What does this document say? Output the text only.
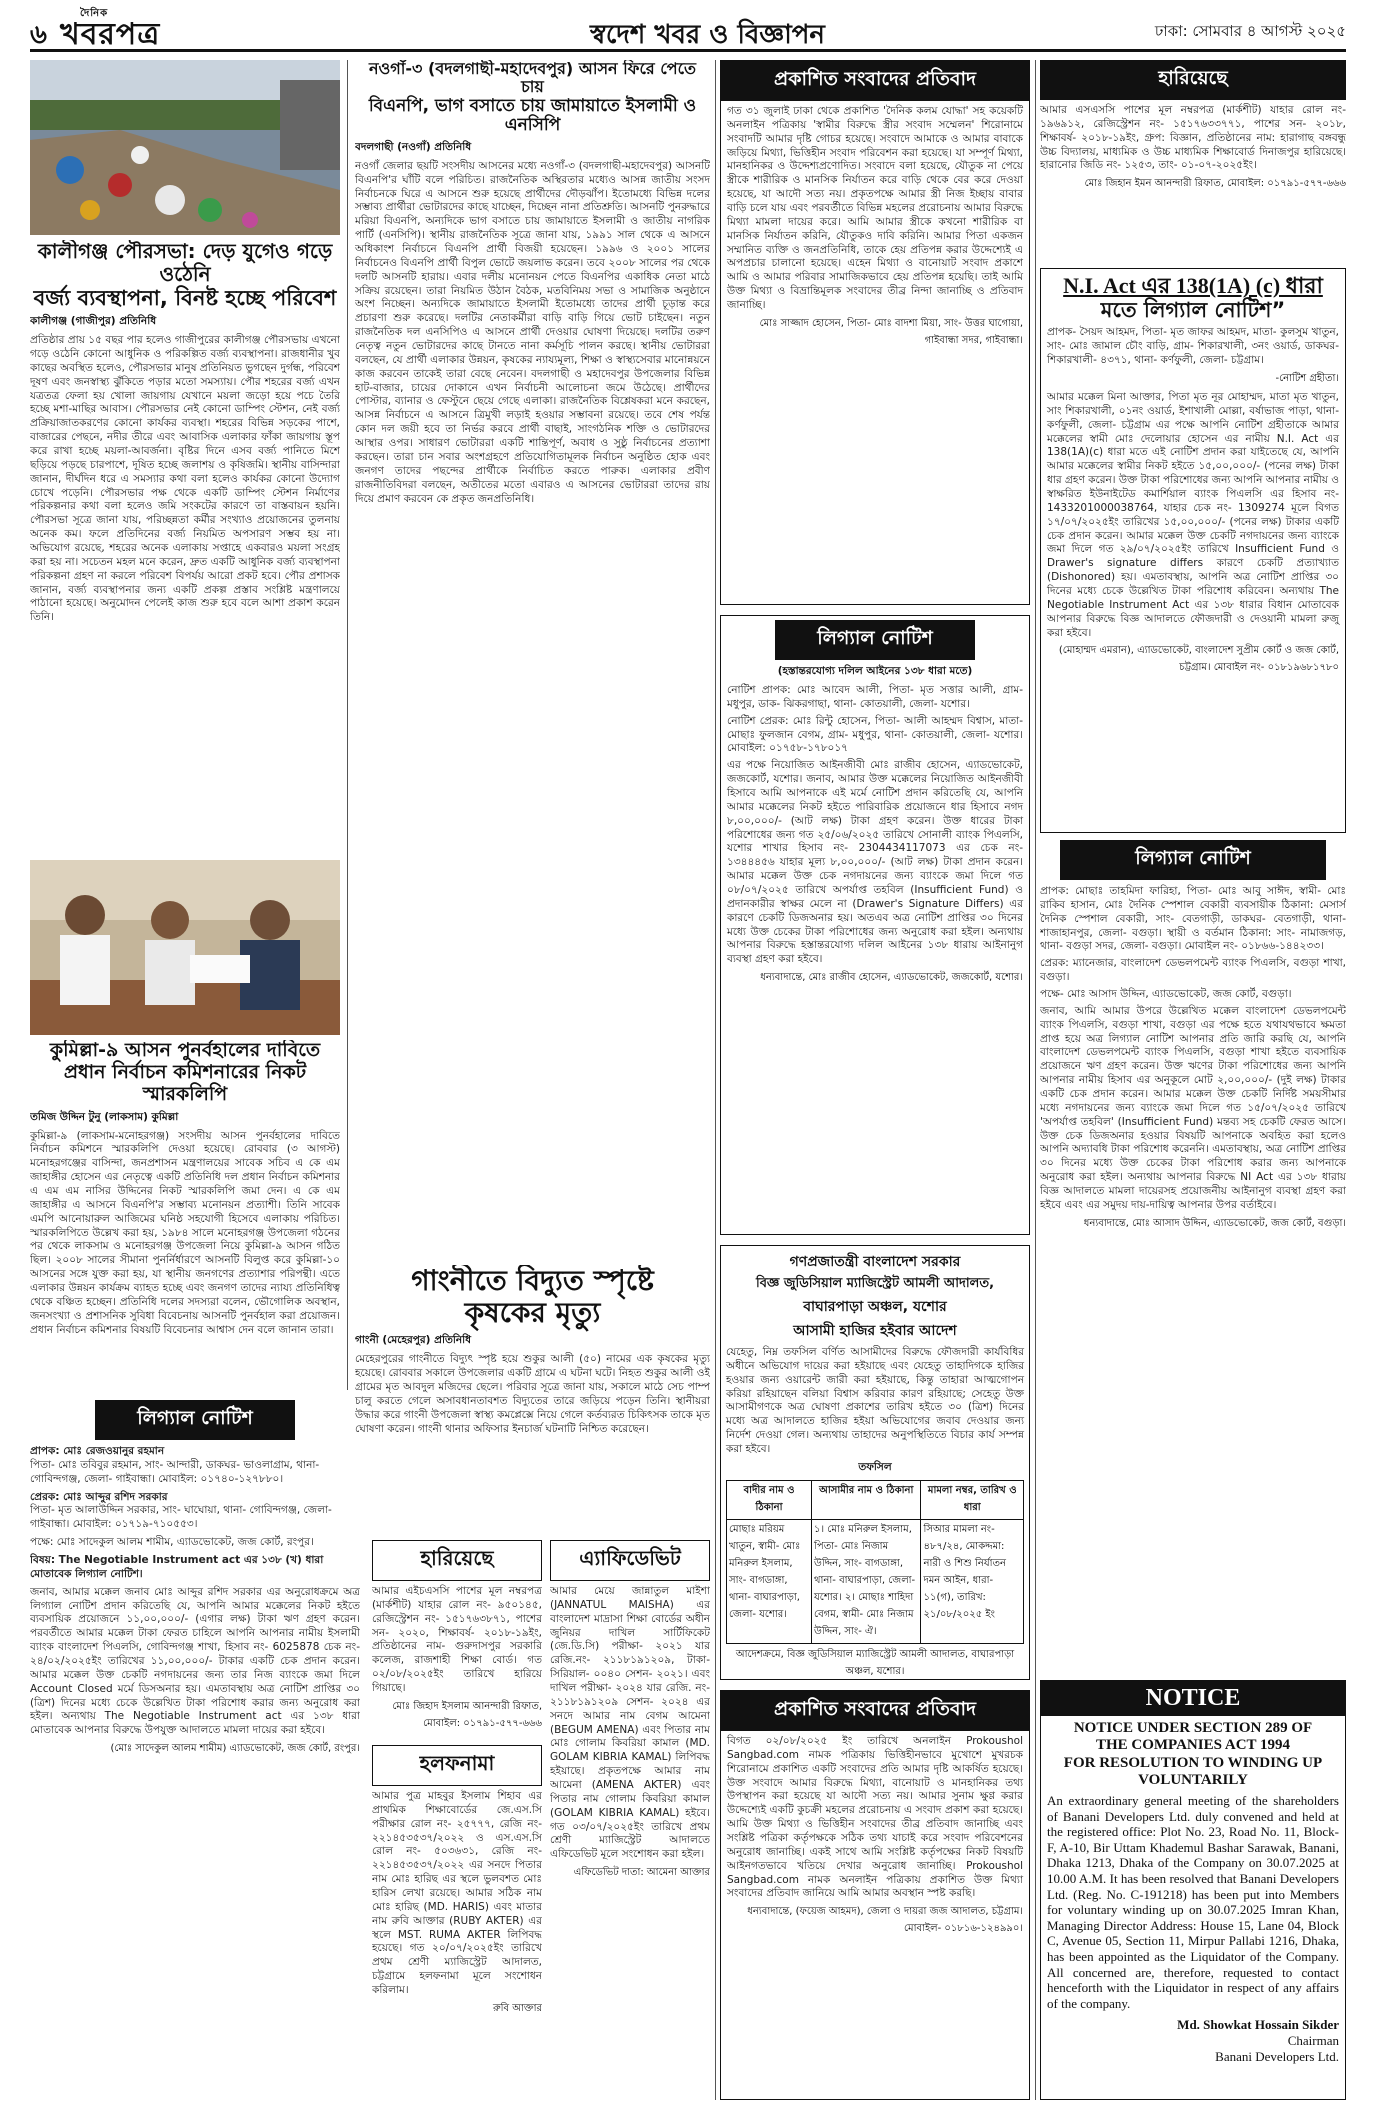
৬
দৈনিক
খবরপত্র	স্বদেশ খবর ও বিজ্ঞাপন	ঢাকা: সোমবার ৪ আগস্ট ২০২৫
কালীগঞ্জ পৌরসভা: দেড় যুগেও গড়ে ওঠেনি
বর্জ্য ব্যবস্থাপনা, বিনষ্ট হচ্ছে পরিবেশ
কালীগঞ্জ (গাজীপুর) প্রতিনিধি
প্রতিষ্ঠার প্রায় ১৫ বছর পার হলেও গাজীপুরের কালীগঞ্জ পৌরসভায় এখনো গড়ে ওঠেনি কোনো আধুনিক ও পরিকল্পিত বর্জ্য ব্যবস্থাপনা। রাজধানীর খুব কাছের অবস্থিত হলেও, পৌরসভার মানুষ প্রতিনিয়ত ভুগছেন দুর্গন্ধ, পরিবেশ দূষণ এবং জনস্বাস্থ্য ঝুঁকিতে পড়ার মতো সমস্যায়। পৌর শহরের বর্জ্য এখন যত্রতত্র ফেলা হয় খোলা জায়গায় যেখানে ময়লা জড়ো হয়ে পচে তৈরি হচ্ছে মশা-মাছির আবাস। পৌরসভার নেই কোনো ডাম্পিং স্টেশন, নেই বর্জ্য প্রক্রিয়াজাতকরণের কোনো কার্যকর ব্যবস্থা। শহরের বিভিন্ন সড়কের পাশে, বাজারের পেছনে, নদীর তীরে এবং আবাসিক এলাকার ফাঁকা জায়গায় স্তূপ করে রাখা হচ্ছে ময়লা-আবর্জনা। বৃষ্টির দিনে এসব বর্জ্য পানিতে মিশে ছড়িয়ে পড়ছে চারপাশে, দূষিত হচ্ছে জলাশয় ও কৃষিজমি। স্থানীয় বাসিন্দারা জানান, দীর্ঘদিন ধরে এ সমস্যার কথা বলা হলেও কার্যকর কোনো উদ্যোগ চোখে পড়েনি। পৌরসভার পক্ষ থেকে একটি ডাম্পিং স্টেশন নির্মাণের পরিকল্পনার কথা বলা হলেও জমি সংকটের কারণে তা বাস্তবায়ন হয়নি। পৌরসভা সূত্রে জানা যায়, পরিচ্ছন্নতা কর্মীর সংখ্যাও প্রয়োজনের তুলনায় অনেক কম। ফলে প্রতিদিনের বর্জ্য নিয়মিত অপসারণ সম্ভব হয় না। অভিযোগ রয়েছে, শহরের অনেক এলাকায় সপ্তাহে একবারও ময়লা সংগ্রহ করা হয় না। সচেতন মহল মনে করেন, দ্রুত একটি আধুনিক বর্জ্য ব্যবস্থাপনা পরিকল্পনা গ্রহণ না করলে পরিবেশ বিপর্যয় আরো প্রকট হবে। পৌর প্রশাসক জানান, বর্জ্য ব্যবস্থাপনার জন্য একটি প্রকল্প প্রস্তাব সংশ্লিষ্ট মন্ত্রণালয়ে পাঠানো হয়েছে। অনুমোদন পেলেই কাজ শুরু হবে বলে আশা প্রকাশ করেন তিনি।
কুমিল্লা-৯ আসন পুনর্বহালের দাবিতে প্রধান নির্বাচন কমিশনারের নিকট স্মারকলিপি
তমিজ উদ্দিন টুনু (লাকসাম) কুমিল্লা
কুমিল্লা-৯ (লাকসাম-মনোহরগঞ্জ) সংসদীয় আসন পুনর্বহালের দাবিতে নির্বাচন কমিশনে স্মারকলিপি দেওয়া হয়েছে। রোববার (৩ আগস্ট) মনোহরগঞ্জের বাসিন্দা, জনপ্রশাসন মন্ত্রণালয়ের সাবেক সচিব এ কে এম জাহাঙ্গীর হোসেন এর নেতৃত্বে একটি প্রতিনিধি দল প্রধান নির্বাচন কমিশনার এ এম এম নাসির উদ্দিনের নিকট স্মারকলিপি জমা দেন। এ কে এম জাহাঙ্গীর এ আসনে বিএনপি'র সম্ভাব্য মনোনয়ন প্রত্যাশী। তিনি সাবেক এমপি আনোয়ারুল আজিমের ঘনিষ্ঠ সহযোগী হিসেবে এলাকায় পরিচিত। স্মারকলিপিতে উল্লেখ করা হয়, ১৯৮৪ সালে মনোহরগঞ্জ উপজেলা গঠনের পর থেকে লাকসাম ও মনোহরগঞ্জ উপজেলা নিয়ে কুমিল্লা-৯ আসন গঠিত ছিল। ২০০৮ সালের সীমানা পুনর্নির্ধারণে আসনটি বিলুপ্ত করে কুমিল্লা-১০ আসনের সঙ্গে যুক্ত করা হয়, যা স্থানীয় জনগণের প্রত্যাশার পরিপন্থী। এতে এলাকার উন্নয়ন কার্যক্রম ব্যাহত হচ্ছে এবং জনগণ তাদের ন্যায্য প্রতিনিধিত্ব থেকে বঞ্চিত হচ্ছেন। প্রতিনিধি দলের সদস্যরা বলেন, ভৌগোলিক অবস্থান, জনসংখ্যা ও প্রশাসনিক সুবিধা বিবেচনায় আসনটি পুনর্বহাল করা প্রয়োজন। প্রধান নির্বাচন কমিশনার বিষয়টি বিবেচনার আশ্বাস দেন বলে জানান তারা।
লিগ্যাল নোটিশ
প্রাপক: মোঃ রেজওয়ানুর রহমান
পিতা- মোঃ তবিবুর রহমান, সাং- আন্দারী, ডাকঘর- ভাওলাগ্রাম, থানা- গোবিন্দগঞ্জ, জেলা- গাইবান্ধা। মোবাইল: ০১৭৪০-১২৭৮৮০।
প্রেরক: মোঃ আব্দুর রশিদ সরকার
পিতা- মৃত আলাউদ্দিন সরকার, সাং- ঘাঘোয়া, থানা- গোবিন্দগঞ্জ, জেলা- গাইবান্ধা। মোবাইল: ০১৭১৯-৭১০৫৫৩।
পক্ষে: মোঃ সাদেকুল আলম শামীম, এ্যাডভোকেট, জজ কোর্ট, রংপুর।
বিষয়: The Negotiable Instrument act এর ১৩৮ (খ) ধারা মোতাবেক লিগ্যাল নোটিশ।
জনাব, আমার মক্কেল জনাব মোঃ আব্দুর রশিদ সরকার এর অনুরোধক্রমে অত্র লিগ্যাল নোটিশ প্রদান করিতেছি যে, আপনি আমার মক্কেলের নিকট হইতে ব্যবসায়িক প্রয়োজনে ১১,০০,০০০/- (এগার লক্ষ) টাকা ঋণ গ্রহণ করেন। পরবর্তীতে আমার মক্কেল টাকা ফেরত চাহিলে আপনি আপনার নামীয় ইসলামী ব্যাংক বাংলাদেশ পিএলসি, গোবিন্দগঞ্জ শাখা, হিসাব নং- 6025878 চেক নং- ২৪/০২/২০২৫ইং তারিখের ১১,০০,০০০/- টাকার একটি চেক প্রদান করেন। আমার মক্কেল উক্ত চেকটি নগদায়নের জন্য তার নিজ ব্যাংকে জমা দিলে Account Closed মর্মে ডিসঅনার হয়। এমতাবস্থায় অত্র নোটিশ প্রাপ্তির ৩০ (ত্রিশ) দিনের মধ্যে চেকে উল্লেখিত টাকা পরিশোধ করার জন্য অনুরোধ করা হইল। অন্যথায় The Negotiable Instrument act এর ১৩৮ ধারা মোতাবেক আপনার বিরুদ্ধে উপযুক্ত আদালতে মামলা দায়ের করা হইবে।
(মোঃ সাদেকুল আলম শামীম) এ্যাডভোকেট, জজ কোর্ট, রংপুর।
নওগাঁ-৩ (বদলগাছী-মহাদেবপুর) আসন ফিরে পেতে চায়
বিএনপি, ভাগ বসাতে চায় জামায়াতে ইসলামী ও এনসিপি
বদলগাছী (নওগাঁ) প্রতিনিধি
নওগাঁ জেলার ছয়টি সংসদীয় আসনের মধ্যে নওগাঁ-৩ (বদলগাছী-মহাদেবপুর) আসনটি বিএনপি'র ঘাঁটি বলে পরিচিত। রাজনৈতিক অস্থিরতার মধ্যেও আসন্ন জাতীয় সংসদ নির্বাচনকে ঘিরে এ আসনে শুরু হয়েছে প্রার্থীদের দৌড়ঝাঁপ। ইতোমধ্যে বিভিন্ন দলের সম্ভাব্য প্রার্থীরা ভোটারদের কাছে যাচ্ছেন, দিচ্ছেন নানা প্রতিশ্রুতি। আসনটি পুনরুদ্ধারে মরিয়া বিএনপি, অন্যদিকে ভাগ বসাতে চায় জামায়াতে ইসলামী ও জাতীয় নাগরিক পার্টি (এনসিপি)। স্থানীয় রাজনৈতিক সূত্রে জানা যায়, ১৯৯১ সাল থেকে এ আসনে অধিকাংশ নির্বাচনে বিএনপি প্রার্থী বিজয়ী হয়েছেন। ১৯৯৬ ও ২০০১ সালের নির্বাচনেও বিএনপি প্রার্থী বিপুল ভোটে জয়লাভ করেন। তবে ২০০৮ সালের পর থেকে দলটি আসনটি হারায়। এবার দলীয় মনোনয়ন পেতে বিএনপির একাধিক নেতা মাঠে সক্রিয় রয়েছেন। তারা নিয়মিত উঠান বৈঠক, মতবিনিময় সভা ও সামাজিক অনুষ্ঠানে অংশ নিচ্ছেন। অন্যদিকে জামায়াতে ইসলামী ইতোমধ্যে তাদের প্রার্থী চূড়ান্ত করে প্রচারণা শুরু করেছে। দলটির নেতাকর্মীরা বাড়ি বাড়ি গিয়ে ভোট চাইছেন। নতুন রাজনৈতিক দল এনসিপিও এ আসনে প্রার্থী দেওয়ার ঘোষণা দিয়েছে। দলটির তরুণ নেতৃত্ব নতুন ভোটারদের কাছে টানতে নানা কর্মসূচি পালন করছে। স্থানীয় ভোটাররা বলছেন, যে প্রার্থী এলাকার উন্নয়ন, কৃষকের ন্যায্যমূল্য, শিক্ষা ও স্বাস্থ্যসেবার মানোন্নয়নে কাজ করবেন তাকেই তারা বেছে নেবেন। বদলগাছী ও মহাদেবপুর উপজেলার বিভিন্ন হাট-বাজার, চায়ের দোকানে এখন নির্বাচনী আলোচনা জমে উঠেছে। প্রার্থীদের পোস্টার, ব্যানার ও ফেস্টুনে ছেয়ে গেছে এলাকা। রাজনৈতিক বিশ্লেষকরা মনে করছেন, আসন্ন নির্বাচনে এ আসনে ত্রিমুখী লড়াই হওয়ার সম্ভাবনা রয়েছে। তবে শেষ পর্যন্ত কোন দল জয়ী হবে তা নির্ভর করবে প্রার্থী বাছাই, সাংগঠনিক শক্তি ও ভোটারদের আস্থার ওপর। সাধারণ ভোটাররা একটি শান্তিপূর্ণ, অবাধ ও সুষ্ঠু নির্বাচনের প্রত্যাশা করছেন। তারা চান সবার অংশগ্রহণে প্রতিযোগিতামূলক নির্বাচন অনুষ্ঠিত হোক এবং জনগণ তাদের পছন্দের প্রার্থীকে নির্বাচিত করতে পারুক। এলাকার প্রবীণ রাজনীতিবিদরা বলছেন, অতীতের মতো এবারও এ আসনের ভোটাররা তাদের রায় দিয়ে প্রমাণ করবেন কে প্রকৃত জনপ্রতিনিধি।
গাংনীতে বিদ্যুত স্পৃষ্টে
কৃষকের মৃত্যু
গাংনী (মেহেরপুর) প্রতিনিধি
মেহেরপুরের গাংনীতে বিদ্যুৎ স্পৃষ্ট হয়ে শুকুর আলী (৫০) নামের এক কৃষকের মৃত্যু হয়েছে। রোববার সকালে উপজেলার একটি গ্রামে এ ঘটনা ঘটে। নিহত শুকুর আলী ওই গ্রামের মৃত আবদুল মজিদের ছেলে। পরিবার সূত্রে জানা যায়, সকালে মাঠে সেচ পাম্প চালু করতে গেলে অসাবধানতাবশত বিদ্যুতের তারে জড়িয়ে পড়েন তিনি। স্থানীয়রা উদ্ধার করে গাংনী উপজেলা স্বাস্থ্য কমপ্লেক্সে নিয়ে গেলে কর্তব্যরত চিকিৎসক তাকে মৃত ঘোষণা করেন। গাংনী থানার অফিসার ইনচার্জ ঘটনাটি নিশ্চিত করেছেন।
হারিয়েছে
আমার এইচএসসি পাশের মূল নম্বরপত্র (মার্কশীট) যাহার রোল নং- ৯৫০১৪৫, রেজিস্ট্রেশন নং- ১৫১৭৬৩৮৭১, পাশের সন- ২০২০, শিক্ষাবর্ষ- ২০১৮-১৯ইং, প্রতিষ্ঠানের নাম- গুরুদাসপুর সরকারি কলেজ, রাজশাহী শিক্ষা বোর্ড। গত ০২/০৮/২০২৫ইং তারিখে হারিয়ে গিয়াছে।
মোঃ জিহাদ ইসলাম আনন্দারী রিফাত, মোবাইল: ০১৭৯১-৫৭৭-৬৬৬
হলফনামা
আমার পুত্র মাহবুর ইসলাম শিহাব এর প্রাথমিক শিক্ষাবোর্ডের জে.এস.সি পরীক্ষার রোল নং- ২৫৭৭৭, রেজি নং- ২২১৪৫৩৫৩৭/২০২২ ও এস.এস.সি রোল নং- ৫০৩৬৩১, রেজি নং- ২২১৪৫৩৫৩৭/২০২২ এর সনদে পিতার নাম মোঃ হারিছ এর স্থলে ভুলবশত মোঃ হারিস লেখা রয়েছে। আমার সঠিক নাম মোঃ হারিছ (MD. HARIS) এবং মাতার নাম রুবি আক্তার (RUBY AKTER) এর স্থলে MST. RUMA AKTER লিপিবদ্ধ হয়েছে। গত ২০/০৭/২০২৫ইং তারিখে প্রথম শ্রেণী ম্যাজিস্ট্রেট আদালত, চট্টগ্রামে হলফনামা মূলে সংশোধন করিলাম।
রুবি আক্তার
এ্যাফিডেভিট
আমার মেয়ে জান্নাতুল মাইশা (JANNATUL MAISHA) এর বাংলাদেশ মাদ্রাসা শিক্ষা বোর্ডের অধীন জুনিয়র দাখিল সার্টিফিকেট (জে.ডি.সি) পরীক্ষা- ২০২১ যার রেজি.নং- ২১১৮১৯১২০৯, টাকা- সিরিয়াল- ০০৪০ সেশন- ২০২১। এবং দাখিল পরীক্ষা- ২০২৪ যার রেজি. নং- ২১১৮১৯১২০৯ সেশন- ২০২৪ এর সনদে আমার নাম বেগম আমেনা (BEGUM AMENA) এবং পিতার নাম মোঃ গোলাম কিবরিয়া কামাল (MD. GOLAM KIBRIA KAMAL) লিপিবদ্ধ হইয়াছে। প্রকৃতপক্ষে আমার নাম আমেনা (AMENA AKTER) এবং পিতার নাম গোলাম কিবরিয়া কামাল (GOLAM KIBRIA KAMAL) হইবে। গত ০৩/০৭/২০২৫ইং তারিখে প্রথম শ্রেণী ম্যাজিস্ট্রেট আদালতে এফিডেভিট মূলে সংশোধন করা হইল।
এফিডেভিট দাতা: আমেনা আক্তার
প্রকাশিত সংবাদের প্রতিবাদ
গত ৩১ জুলাই ঢাকা থেকে প্রকাশিত 'দৈনিক কলম যোদ্ধা' সহ কয়েকটি অনলাইন পত্রিকায় 'স্বামীর বিরুদ্ধে স্ত্রীর সংবাদ সম্মেলন' শিরোনামে সংবাদটি আমার দৃষ্টি গোচর হয়েছে। সংবাদে আমাকে ও আমার বাবাকে জড়িয়ে মিথ্যা, ভিত্তিহীন সংবাদ পরিবেশন করা হয়েছে। যা সম্পূর্ণ মিথ্যা, মানহানিকর ও উদ্দেশ্যপ্রণোদিত। সংবাদে বলা হয়েছে, যৌতুক না পেয়ে স্ত্রীকে শারীরিক ও মানসিক নির্যাতন করে বাড়ি থেকে বের করে দেওয়া হয়েছে, যা আদৌ সত্য নয়। প্রকৃতপক্ষে আমার স্ত্রী নিজ ইচ্ছায় বাবার বাড়ি চলে যায় এবং পরবর্তীতে বিভিন্ন মহলের প্ররোচনায় আমার বিরুদ্ধে মিথ্যা মামলা দায়ের করে। আমি আমার স্ত্রীকে কখনো শারীরিক বা মানসিক নির্যাতন করিনি, যৌতুকও দাবি করিনি। আমার পিতা একজন সম্মানিত ব্যক্তি ও জনপ্রতিনিধি, তাকে হেয় প্রতিপন্ন করার উদ্দেশ্যেই এ অপপ্রচার চালানো হয়েছে। এহেন মিথ্যা ও বানোয়াট সংবাদ প্রকাশে আমি ও আমার পরিবার সামাজিকভাবে হেয় প্রতিপন্ন হয়েছি। তাই আমি উক্ত মিথ্যা ও বিভ্রান্তিমূলক সংবাদের তীব্র নিন্দা জানাচ্ছি ও প্রতিবাদ জানাচ্ছি।
মোঃ সাজ্জাদ হোসেন, পিতা- মোঃ বাদশা মিয়া, সাং- উত্তর ঘাগোয়া, গাইবান্ধা সদর, গাইবান্ধা।
লিগ্যাল নোটিশ
(হস্তান্তরযোগ্য দলিল আইনের ১৩৮ ধারা মতে)
নোটিশ প্রাপক: মোঃ আবেদ আলী, পিতা- মৃত সত্তার আলী, গ্রাম- মধুপুর, ডাক- ঝিকরগাছা, থানা- কোতয়ালী, জেলা- যশোর।
নোটিশ প্রেরক: মোঃ রিন্টু হোসেন, পিতা- আলী আহম্মদ বিশ্বাস, মাতা- মোছাঃ ফুলজান বেগম, গ্রাম- মধুপুর, থানা- কোতয়ালী, জেলা- যশোর। মোবাইল: ০১৭৫৮-১৭৮০১৭
এর পক্ষে নিয়োজিত আইনজীবী মোঃ রাজীব হোসেন, এ্যাডভোকেট, জজকোর্ট, যশোর। জনাব, আমার উক্ত মক্কেলের নিয়োজিত আইনজীবী হিসাবে আমি আপনাকে এই মর্মে নোটিশ প্রদান করিতেছি যে, আপনি আমার মক্কেলের নিকট হইতে পারিবারিক প্রয়োজনে ধার হিসাবে নগদ ৮,০০,০০০/- (আট লক্ষ) টাকা গ্রহণ করেন। উক্ত ধারের টাকা পরিশোধের জন্য গত ২৫/০৬/২০২৫ তারিখে সোনালী ব্যাংক পিএলসি, যশোর শাখার হিসাব নং- 2304434117073 এর চেক নং- ১৩৪৪৪৫৬ যাহার মূল্য ৮,০০,০০০/- (আট লক্ষ) টাকা প্রদান করেন। আমার মক্কেল উক্ত চেক নগদায়নের জন্য ব্যাংকে জমা দিলে গত ০৮/০৭/২০২৫ তারিখে অপর্যাপ্ত তহবিল (Insufficient Fund) ও প্রদানকারীর স্বাক্ষর মেলে না (Drawer's Signature Differs) এর কারণে চেকটি ডিজঅনার হয়। অতএব অত্র নোটিশ প্রাপ্তির ৩০ দিনের মধ্যে উক্ত চেকের টাকা পরিশোধের জন্য অনুরোধ করা হইল। অন্যথায় আপনার বিরুদ্ধে হস্তান্তরযোগ্য দলিল আইনের ১৩৮ ধারায় আইনানুগ ব্যবস্থা গ্রহণ করা হইবে।
ধন্যবাদান্তে, মোঃ রাজীব হোসেন, এ্যাডভোকেট, জজকোর্ট, যশোর।
গণপ্রজাতন্ত্রী বাংলাদেশ সরকার
বিজ্ঞ জুডিসিয়াল ম্যাজিস্ট্রেট আমলী আদালত,
বাঘারপাড়া অঞ্চল, যশোর
আসামী হাজির হইবার আদেশ
যেহেতু, নিম্ন তফসিল বর্ণিত আসামীদের বিরুদ্ধে ফৌজদারী কার্যবিধির অধীনে অভিযোগ দায়ের করা হইয়াছে এবং যেহেতু তাহাদিগকে হাজির হওয়ার জন্য ওয়ারেন্ট জারী করা হইয়াছে, কিন্তু তাহারা আত্মগোপন করিয়া রহিয়াছেন বলিয়া বিশ্বাস করিবার কারণ রহিয়াছে; সেহেতু উক্ত আসামীগণকে অত্র ঘোষণা প্রকাশের তারিখ হইতে ৩০ (ত্রিশ) দিনের মধ্যে অত্র আদালতে হাজির হইয়া অভিযোগের জবাব দেওয়ার জন্য নির্দেশ দেওয়া গেল। অন্যথায় তাহাদের অনুপস্থিতিতে বিচার কার্য সম্পন্ন করা হইবে।
তফসিল
বাদীর নাম ও ঠিকানা	আসামীর নাম ও ঠিকানা	মামলা নম্বর, তারিখ ও ধারা
মোছাঃ মরিয়ম খাতুন, স্বামী- মোঃ মনিরুল ইসলাম, সাং- বাগডাঙ্গা, থানা- বাঘারপাড়া, জেলা- যশোর।	১। মোঃ মনিরুল ইসলাম, পিতা- মোঃ নিজাম উদ্দিন, সাং- বাগডাঙ্গা, থানা- বাঘারপাড়া, জেলা- যশোর। ২। মোছাঃ শাহিদা বেগম, স্বামী- মোঃ নিজাম উদ্দিন, সাং- ঐ।	সিআর মামলা নং- ৪৮৭/২৪, মোকদ্দমা: নারী ও শিশু নির্যাতন দমন আইন, ধারা- ১১(গ), তারিখ: ২১/০৮/২০২৫ ইং
আদেশক্রমে, বিজ্ঞ জুডিসিয়াল ম্যাজিস্ট্রেট আমলী আদালত, বাঘারপাড়া অঞ্চল, যশোর।
প্রকাশিত সংবাদের প্রতিবাদ
বিগত ০২/০৮/২০২৫ ইং তারিখে অনলাইন Prokoushol Sangbad.com নামক পত্রিকায় ভিত্তিহীনভাবে মুখোশে মুখরচক শিরোনামে প্রকাশিত একটি সংবাদের প্রতি আমার দৃষ্টি আকর্ষিত হয়েছে। উক্ত সংবাদে আমার বিরুদ্ধে মিথ্যা, বানোয়াট ও মানহানিকর তথ্য উপস্থাপন করা হয়েছে যা আদৌ সত্য নয়। আমার সুনাম ক্ষুণ্ণ করার উদ্দেশ্যেই একটি কুচক্রী মহলের প্ররোচনায় এ সংবাদ প্রকাশ করা হয়েছে। আমি উক্ত মিথ্যা ও ভিত্তিহীন সংবাদের তীব্র প্রতিবাদ জানাচ্ছি এবং সংশ্লিষ্ট পত্রিকা কর্তৃপক্ষকে সঠিক তথ্য যাচাই করে সংবাদ পরিবেশনের অনুরোধ জানাচ্ছি। একই সাথে আমি সংশ্লিষ্ট কর্তৃপক্ষের নিকট বিষয়টি আইনগতভাবে খতিয়ে দেখার অনুরোধ জানাচ্ছি। Prokoushol Sangbad.com নামক অনলাইন পত্রিকায় প্রকাশিত উক্ত মিথ্যা সংবাদের প্রতিবাদ জানিয়ে আমি আমার অবস্থান স্পষ্ট করছি।
ধন্যবাদান্তে, (ফয়েজ আহমদ), জেলা ও দায়রা জজ আদালত, চট্টগ্রাম। মোবাইল- ০১৮১৬-১২৪৯৯০।
হারিয়েছে
আমার এসএসসি পাশের মূল নম্বরপত্র (মার্কশীট) যাহার রোল নং- ১৯৬৯১২, রেজিস্ট্রেশন নং- ১৫১৭৬৩৩৭৭১, পাশের সন- ২০১৮, শিক্ষাবর্ষ- ২০১৮-১৯ইং, গ্রুপ: বিজ্ঞান, প্রতিষ্ঠানের নাম: হারাগাছ বঙ্গবন্ধু উচ্চ বিদ্যালয়, মাধ্যমিক ও উচ্চ মাধ্যমিক শিক্ষাবোর্ড দিনাজপুর হারিয়েছে। হারানোর জিডি নং- ১২৫৩, তাং- ০১-০৭-২০২৫ইং।
মোঃ জিহান ইমন আনন্দারী রিফাত, মোবাইল: ০১৭৯১-৫৭৭-৬৬৬
N.I. Act এর 138(1A) (c) ধারা
মতে লিগ্যাল নোটিশ”
প্রাপক- সৈয়দ আহমদ, পিতা- মৃত জাফর আহমদ, মাতা- কুলসুম খাতুন, সাং- মোঃ জামাল চৌং বাড়ি, গ্রাম- শিকারখালী, ৩নং ওয়ার্ড, ডাকঘর- শিকারখালী- ৪৩৭১, থানা- কর্ণফুলী, জেলা- চট্টগ্রাম।
-নোটিশ গ্রহীতা।
আমার মক্কেল মিনা আক্তার, পিতা মৃত নূর মোহাম্মদ, মাতা মৃত খাতুন, সাং শিকারখালী, ০১নং ওয়ার্ড, ইশাখালী মোল্লা, বর্ষাভাজ পাড়া, থানা- কর্ণফুলী, জেলা- চট্টগ্রাম এর পক্ষে আপনি নোটিশ গ্রহীতাকে আমার মক্কেলের স্বামী মোঃ দেলোয়ার হোসেন এর নামীয় N.I. Act এর 138(1A)(c) ধারা মতে এই নোটিশ প্রদান করা যাইতেছে যে, আপনি আমার মক্কেলের স্বামীর নিকট হইতে ১৫,০০,০০০/- (পনের লক্ষ) টাকা ধার গ্রহণ করেন। উক্ত টাকা পরিশোধের জন্য আপনি আপনার নামীয় ও স্বাক্ষরিত ইউনাইটেড কমার্শিয়াল ব্যাংক পিএলসি এর হিসাব নং- 1433201000038764, যাহার চেক নং- 1309274 মূলে বিগত ১৭/০৭/২০২৫ইং তারিখের ১৫,০০,০০০/- (পনের লক্ষ) টাকার একটি চেক প্রদান করেন। আমার মক্কেল উক্ত চেকটি নগদায়নের জন্য ব্যাংকে জমা দিলে গত ২৯/০৭/২০২৫ইং তারিখে Insufficient Fund ও Drawer's signature differs কারণে চেকটি প্রত্যাখ্যাত (Dishonored) হয়। এমতাবস্থায়, আপনি অত্র নোটিশ প্রাপ্তির ৩০ দিনের মধ্যে চেকে উল্লেখিত টাকা পরিশোধ করিবেন। অন্যথায় The Negotiable Instrument Act এর ১৩৮ ধারার বিধান মোতাবেক আপনার বিরুদ্ধে বিজ্ঞ আদালতে ফৌজদারী ও দেওয়ানী মামলা রুজু করা হইবে।
(মোহাম্মদ এমরান), এ্যাডভোকেট, বাংলাদেশ সুপ্রীম কোর্ট ও জজ কোর্ট, চট্টগ্রাম। মোবাইল নং- ০১৮১৯৬৮১৭৮০
লিগ্যাল নোটিশ
প্রাপক: মোছাঃ তাহমিদা ফারিহা, পিতা- মোঃ আবু সাঈদ, স্বামী- মোঃ রাকিব হাসান, মোঃ দৈনিক স্পেশাল বেকারী ব্যবসায়ীক ঠিকানা: মেসার্স দৈনিক স্পেশাল বেকারী, সাং- বেতগাড়ী, ডাকঘর- বেতগাড়ী, থানা- শাজাহানপুর, জেলা- বগুড়া। স্থায়ী ও বর্তমান ঠিকানা: সাং- নামাজগড়, থানা- বগুড়া সদর, জেলা- বগুড়া। মোবাইল নং- ০১৮৬৬-১৪৪২৩৩।
প্রেরক: ম্যানেজার, বাংলাদেশ ডেভলপমেন্ট ব্যাংক পিএলসি, বগুড়া শাখা, বগুড়া।
পক্ষে- মোঃ আসাদ উদ্দিন, এ্যাডভোকেট, জজ কোর্ট, বগুড়া।
জনাব, আমি আমার উপরে উল্লেখিত মক্কেল বাংলাদেশ ডেভলপমেন্ট ব্যাংক পিএলসি, বগুড়া শাখা, বগুড়া এর পক্ষে হতে যথাযথভাবে ক্ষমতা প্রাপ্ত হয়ে অত্র লিগ্যাল নোটিশ আপনার প্রতি জারি করছি যে, আপনি বাংলাদেশ ডেভলপমেন্ট ব্যাংক পিএলসি, বগুড়া শাখা হইতে ব্যবসায়িক প্রয়োজনে ঋণ গ্রহণ করেন। উক্ত ঋণের টাকা পরিশোধের জন্য আপনি আপনার নামীয় হিসাব এর অনুকূলে মোট ২,০০,০০০/- (দুই লক্ষ) টাকার একটি চেক প্রদান করেন। আমার মক্কেল উক্ত চেকটি নির্দিষ্ট সময়সীমার মধ্যে নগদায়নের জন্য ব্যাংকে জমা দিলে গত ১৫/০৭/২০২৫ তারিখে 'অপর্যাপ্ত তহবিল' (Insufficient Fund) মন্তব্য সহ চেকটি ফেরত আসে। উক্ত চেক ডিজঅনার হওয়ার বিষয়টি আপনাকে অবহিত করা হলেও আপনি অদ্যাবধি টাকা পরিশোধ করেননি। এমতাবস্থায়, অত্র নোটিশ প্রাপ্তির ৩০ দিনের মধ্যে উক্ত চেকের টাকা পরিশোধ করার জন্য আপনাকে অনুরোধ করা হইল। অন্যথায় আপনার বিরুদ্ধে NI Act এর ১৩৮ ধারায় বিজ্ঞ আদালতে মামলা দায়েরসহ প্রয়োজনীয় আইনানুগ ব্যবস্থা গ্রহণ করা হইবে এবং এর সমুদয় দায়-দায়িত্ব আপনার উপর বর্তাইবে।
ধন্যবাদান্তে, মোঃ আসাদ উদ্দিন, এ্যাডভোকেট, জজ কোর্ট, বগুড়া।
NOTICE
NOTICE UNDER SECTION 289 OF
THE COMPANIES ACT 1994
FOR RESOLUTION TO WINDING UP
VOLUNTARILY
An extraordinary general meeting of the shareholders of Banani Developers Ltd. duly convened and held at the registered office: Plot No. 23, Road No. 11, Block-F, A-10, Bir Uttam Khademul Bashar Sarawak, Banani, Dhaka 1213, Dhaka of the Company on 30.07.2025 at 10.00 A.M. It has been resolved that Banani Developers Ltd. (Reg. No. C-191218) has been put into Members for voluntary winding up on 30.07.2025 Imran Khan, Managing Director Address: House 15, Lane 04, Block C, Avenue 05, Section 11, Mirpur Pallabi 1216, Dhaka, has been appointed as the Liquidator of the Company. All concerned are, therefore, requested to contact henceforth with the Liquidator in respect of any affairs of the company.
Md. Showkat Hossain Sikder
Chairman
Banani Developers Ltd.
